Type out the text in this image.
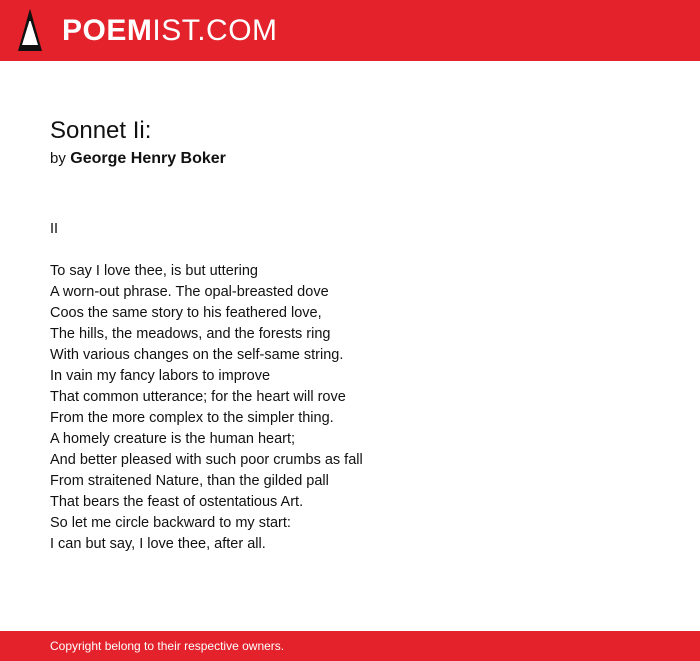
POEMIST.COM
Sonnet Ii:
by George Henry Boker
II
To say I love thee, is but uttering
A worn-out phrase. The opal-breasted dove
Coos the same story to his feathered love,
The hills, the meadows, and the forests ring
With various changes on the self-same string.
In vain my fancy labors to improve
That common utterance; for the heart will rove
From the more complex to the simpler thing.
A homely creature is the human heart;
And better pleased with such poor crumbs as fall
From straitened Nature, than the gilded pall
That bears the feast of ostentatious Art.
So let me circle backward to my start:
I can but say, I love thee, after all.
Copyright belong to their respective owners.
